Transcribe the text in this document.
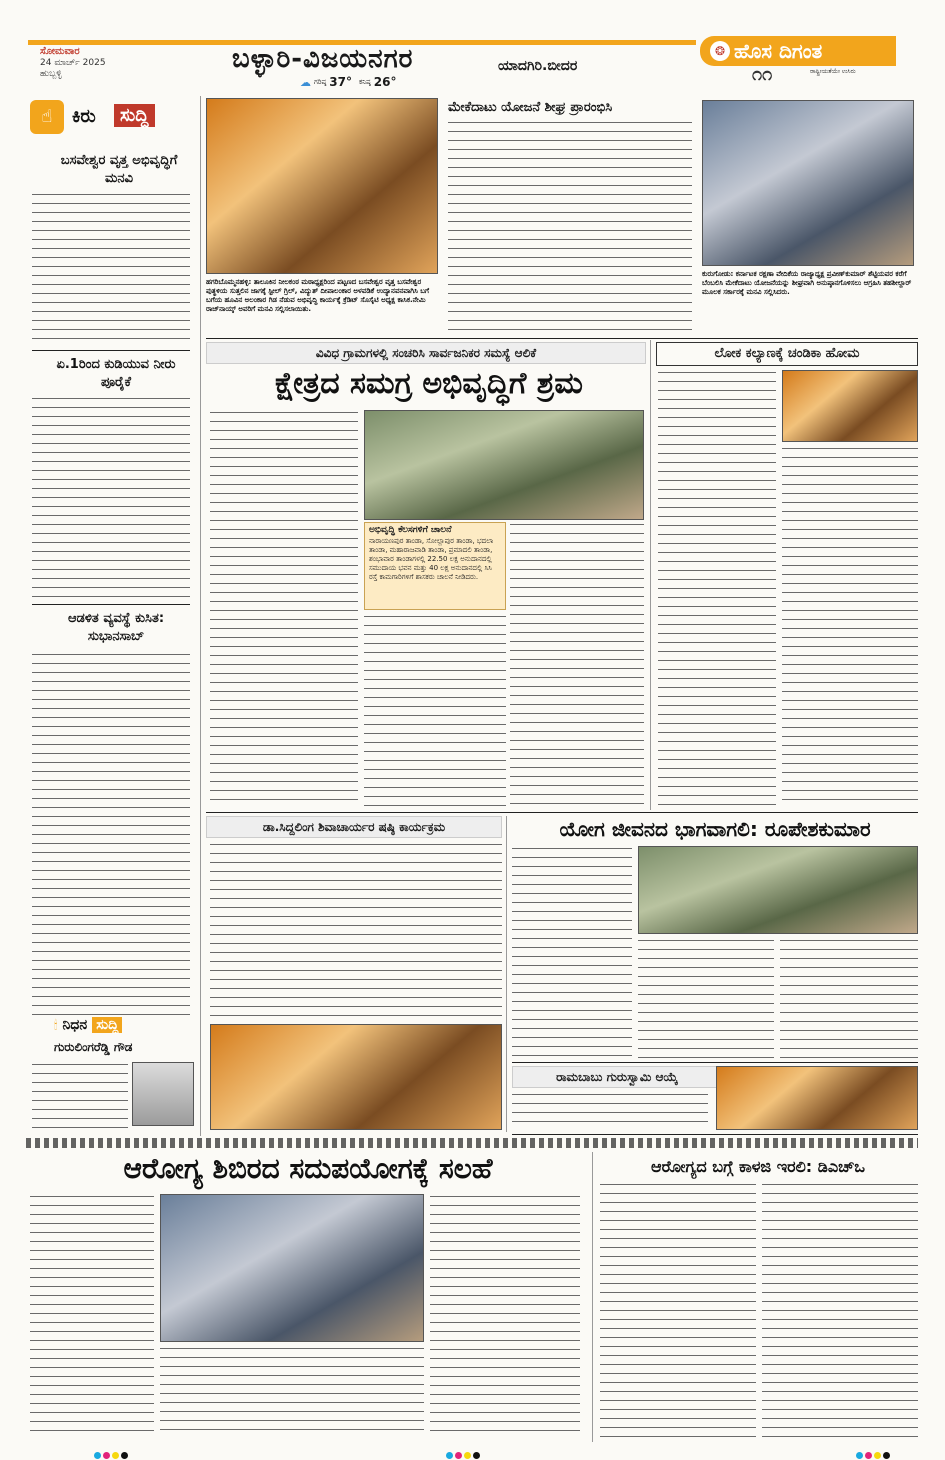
ಸೋಮವಾರ
24 ಮಾರ್ಚ್ 2025
ಹುಬ್ಬಳ್ಳಿ	ಬಳ್ಳಾರಿ-ವಿಜಯನಗರ	ಯಾದಗಿರಿ.ಬೀದರ
☁ ಗರಿಷ್ಠ 37° ಕನಿಷ್ಠ 26°
❂ ಹೊಸ ದಿಗಂತ
ರಾಷ್ಟ್ರೀಯತೆಯೇ ಉಸಿರು
೧೧
☝	ಕಿರು	ಸುದ್ದಿ
ಬಸವೇಶ್ವರ ವೃತ್ತ ಅಭಿವೃದ್ಧಿಗೆ ಮನವಿ
ಏ.1ರಿಂದ ಕುಡಿಯುವ ನೀರು ಪೂರೈಕೆ
ಆಡಳಿತ ವ್ಯವಸ್ಥೆ ಕುಸಿತ: ಸುಭಾನಸಾಬ್
🕯 ನಿಧನ ಸುದ್ದಿ
ಗುರುಲಿಂಗರೆಡ್ಡಿ ಗೌಡ
ಹಗರಿಬೊಮ್ಮನಹಳ್ಳಿ: ತಾಲೂಕಿನ ನೀಲಕಂಠ ಮಠಾಧ್ಯಕ್ಷರಿಂದ ಪಟ್ಟಣದ ಬಸವೇಶ್ವರ ವೃತ್ತ ಬಸವೇಶ್ವರ ಪುತ್ಥಳಿಯ ಸುತ್ತಲಿನ ಜಾಗಕ್ಕೆ ಸ್ಟೀಲ್ ಗ್ರಿಲ್, ವಿದ್ಯುತ್ ದೀಪಾಲಂಕಾರ ಅಳವಡಿಕೆ ಉದ್ಯಾನವನವಾಗಿಸಿ ಬಗೆ ಬಗೆಯ ಹೂವಿನ ಅಲಂಕಾರ ಗಿಡ ನೆಡುವ ಅಭಿವೃದ್ಧಿ ಕಾರ್ಯಕ್ಕೆ ಕ್ರೆಡಿಟ್ ಸೊಸೈಟಿ ಅಧ್ಯಕ್ಷ ಕಾಸಿಕ.ನೇಮಿ ರಾಜ್‌ನಾಯ್ಕ್ ಅವರಿಗೆ ಮನವಿ ಸಲ್ಲಿಸಲಾಯಿತು.
ಮೇಕೆದಾಟು ಯೋಜನೆ ಶೀಘ್ರ ಪ್ರಾರಂಭಿಸಿ
ಕುರುಗೋಡು: ಕರ್ನಾಟಕ ರಕ್ಷಣಾ ವೇದಿಕೆಯ ರಾಜ್ಯಾಧ್ಯಕ್ಷ ಪ್ರವೀಣ್‌ಕುಮಾರ್ ಶೆಟ್ಟಿಯವರ ಕರೆಗೆ ಬೆಂಬಲಿಸಿ ಮೇಕೆದಾಟು ಯೋಜನೆಯನ್ನು ಶೀಘ್ರವಾಗಿ ಅನುಷ್ಠಾನಗೊಳಿಸಲು ಆಗ್ರಹಿಸಿ ತಹಶೀಲ್ದಾರ್ ಮೂಲಕ ಸರ್ಕಾರಕ್ಕೆ ಮನವಿ ಸಲ್ಲಿಸಿದರು.
ವಿವಿಧ ಗ್ರಾಮಗಳಲ್ಲಿ ಸಂಚರಿಸಿ ಸಾರ್ವಜನಿಕರ ಸಮಸ್ಯೆ ಆಲಿಕೆ
ಕ್ಷೇತ್ರದ ಸಮಗ್ರ ಅಭಿವೃದ್ಧಿಗೆ ಶ್ರಮ
ಅಭಿವೃದ್ಧಿ ಕೆಲಸಗಳಿಗೆ ಚಾಲನೆ
ನಾರಾಯಣಪುರ ತಾಂಡಾ, ಸೋಲ್ಲಾಪುರ ತಾಂಡಾ, ಭದಲಾ ತಾಂಡಾ, ಮಹಾರಾಜವಾಡಿ ತಾಂಡಾ, ಪ್ರಮಾದಲಿ ತಾಂಡಾ, ಶಂಭಾವಾರ ತಾಂಡಾಗಳಲ್ಲಿ 22.50 ಲಕ್ಷ ಅನುದಾನದಲ್ಲಿ ಸಮುದಾಯ ಭವನ ಮತ್ತು 40 ಲಕ್ಷ ಅನುದಾನದಲ್ಲಿ ಸಿಸಿ ರಸ್ತೆ ಕಾಮಗಾರಿಗಳಿಗೆ ಶಾಸಕರು ಚಾಲನೆ ನೀಡಿದರು.
ಲೋಕ ಕಲ್ಯಾಣಕ್ಕೆ ಚಂಡಿಕಾ ಹೋಮ
ಡಾ.ಸಿದ್ದಲಿಂಗ ಶಿವಾಚಾರ್ಯರ ಷಷ್ಠಿ ಕಾರ್ಯಕ್ರಮ	ಯೋಗ ಜೀವನದ ಭಾಗವಾಗಲಿ: ರೂಪೇಶಕುಮಾರ
ರಾಮಬಾಬು ಗುರುಸ್ವಾಮಿ ಆಯ್ಕೆ
ಆರೋಗ್ಯ ಶಿಬಿರದ ಸದುಪಯೋಗಕ್ಕೆ ಸಲಹೆ	ಆರೋಗ್ಯದ ಬಗ್ಗೆ ಕಾಳಜಿ ಇರಲಿ: ಡಿಎಚ್ಒ
